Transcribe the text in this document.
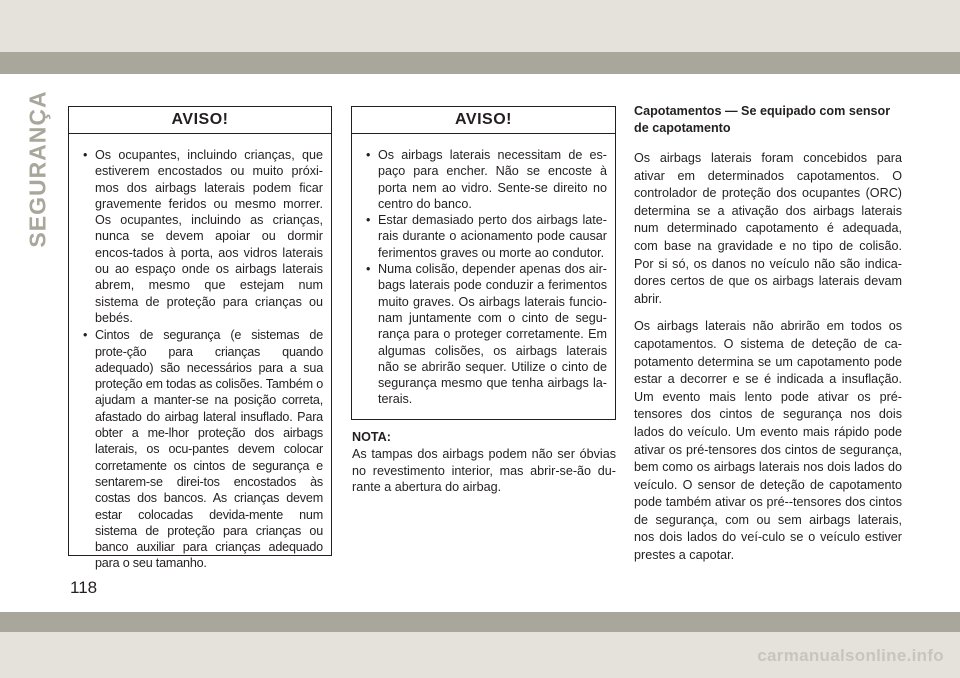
SEGURANÇA	AVISO!
• Os ocupantes, incluindo crianças, que estiverem encostados ou muito próxi-mos dos airbags laterais podem ficar gravemente feridos ou mesmo morrer. Os ocupantes, incluindo as crianças, nunca se devem apoiar ou dormir encos-tados à porta, aos vidros laterais ou ao espaço onde os airbags laterais abrem, mesmo que estejam num sistema de proteção para crianças ou bebés.
• Cintos de segurança (e sistemas de prote-ção para crianças quando adequado) são necessários para a sua proteção em todas as colisões. Também o ajudam a manter-se na posição correta, afastado do airbag lateral insuflado. Para obter a me-lhor proteção dos airbags laterais, os ocu-pantes devem colocar corretamente os cintos de segurança e sentarem-se direi-tos encostados às costas dos bancos. As crianças devem estar colocadas devida-mente num sistema de proteção para crianças ou banco auxiliar para crianças adequado para o seu tamanho.
AVISO!
• Os airbags laterais necessitam de es-paço para encher. Não se encoste à porta nem ao vidro. Sente-se direito no centro do banco.
• Estar demasiado perto dos airbags late-rais durante o acionamento pode causar ferimentos graves ou morte ao condutor.
• Numa colisão, depender apenas dos air-bags laterais pode conduzir a ferimentos muito graves. Os airbags laterais funcio-nam juntamente com o cinto de segu-rança para o proteger corretamente. Em algumas colisões, os airbags laterais não se abrirão sequer. Utilize o cinto de segurança mesmo que tenha airbags la-terais.
NOTA:
As tampas dos airbags podem não ser óbvias no revestimento interior, mas abrir-se-ão du-rante a abertura do airbag.
Capotamentos — Se equipado com sensor de capotamento

Os airbags laterais foram concebidos para ativar em determinados capotamentos. O controlador de proteção dos ocupantes (ORC) determina se a ativação dos airbags laterais num determinado capotamento é adequada, com base na gravidade e no tipo de colisão. Por si só, os danos no veículo não são indica-dores certos de que os airbags laterais devam abrir.

Os airbags laterais não abrirão em todos os capotamentos. O sistema de deteção de ca-potamento determina se um capotamento pode estar a decorrer e se é indicada a insuflação. Um evento mais lento pode ativar os pré-tensores dos cintos de segurança nos dois lados do veículo. Um evento mais rápido pode ativar os pré-tensores dos cintos de segurança, bem como os airbags laterais nos dois lados do veículo. O sensor de deteção de capotamento pode também ativar os pré--tensores dos cintos de segurança, com ou sem airbags laterais, nos dois lados do veí-culo se o veículo estiver prestes a capotar.

118
carmanualsonline.info
